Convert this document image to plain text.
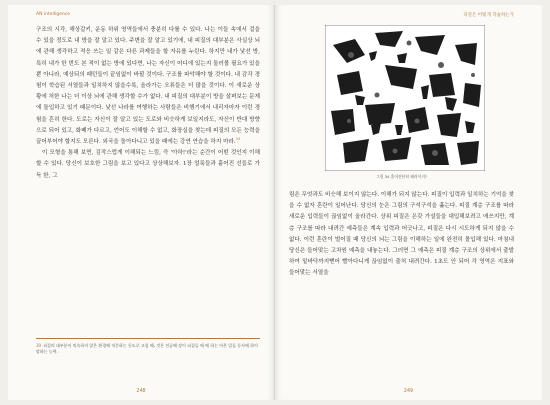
AN intelligence

구조의 시각, 해상갈키, 운동 하위 영역들에서 충분히 다룰 수 있다. 나는 이들 속에서 겉을 수 있을 정도로 내 방을 잘 알고 있다. 주변을 잘 알고 있기에, 내 피질의 대부분은 사실상 뇌에 관해 생각하고 적응 쓰는 일 같은 다른 과제들을 할 자유를 누린다. 하지만 내가 낯선 방, 특히 내가 한 번도 본 적이 없는 방에 있다면, 나는 자신이 어디에 있는지 둘러볼 필요가 있을 뿐 아니라, 예상되의 패턴들이 끝임없이 바뀔 것이다. 구조를 파악해야 할 것이다. 내 감각 경험이 학습된 서열들과 일치하지 않을수록, 올라가는 오류들은 더 많을 것이다. 이 새로운 상황에 처한 나는 더 이상 뇌에 관해 생각할 수가 없다. 내 피질의 대부분이 방을 살펴보는 문제에 돌입하고 있기 때문이다. 낯선 나라를 여행하는 사람들은 비행기에서 내리자마자 이런 경험을 흔히 한다. 도로는 자신이 잘 알고 있는 도로와 비슷하게 보일지라도, 자신이 반대 방향으로 되어 있고, 화폐가 다르고, 언어도 이해할 수 없고, 화장실을 찾는데 피질의 모든 능력을 끌어부어야 할지도 모른다. 외국을 돌아다니고 있을 때에는 강연 연습을 하지 마라.$^{39}$

이 모형을 통해 보면, 김작스럽게 이해되는 느낌, 즉 '아하!'라는 순간이 어떤 것인지 이해할 수 있다. 당신이 보호한 그림을 보고 있다고 상상해보자. 1장 얼룩들과 흩어진 선들로 가득 한, 그

39 피질의 대부분이 익숙하지 않은 환경에 적응하는 동도로 고림 해, 것은 전공해 강이 피질들 에 에 하는 아은 일들 동사에 하이 말하는 능력.
248
피질은 어떻게 학습하는가
그림 34 흩어진단히 패러이지?

림은 무엇과도 비슷해 보이지 않는다. 이해가 되지 않는다. 피질이 입력과 일치하는 기억을 찾을 수 없자 혼란이 일어난다. 당신의 눈은 그림의 구석구석을 훑는다. 피질 계층 구조를 따라 새로운 입력들이 끊임없이 올라간다. 상위 피질은 온갖 가설들을 대입해보려고 애쓰지만, 계층 구조를 따라 내려간 예측들은 계속 입력과 어긋나고, 피질은 다시 시도하게 되지 않을 수 없다. 이런 혼란이 벌어질 때 당신의 뇌는 그림을 이해하는 일에 완전히 몰입해 있다. 마침내 당신은 들어맞는 고차원 예측을 내놓는다. 그러면 그 예측은 피질 계층 구조의 상위에서 출발하여 밑바닥까지뻗어 빨아다니게 끊임없이 출처 내려간다. 1초도 안 되어 각 영역은 지표와 들어맞는 서열을

249
